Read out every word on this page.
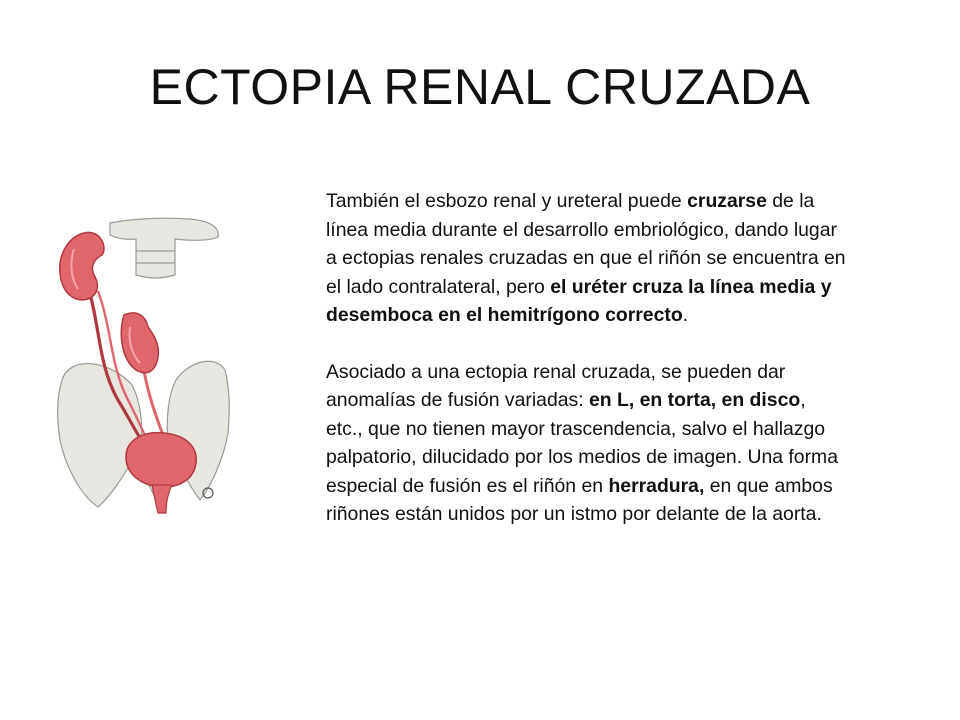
ECTOPIA RENAL CRUZADA

También el esbozo renal y ureteral puede cruzarse de la línea media durante el desarrollo embriológico, dando lugar a ectopias renales cruzadas en que el riñón se encuentra en el lado contralateral, pero el uréter cruza la línea media y desemboca en el hemitrígono correcto.

Asociado a una ectopia renal cruzada, se pueden dar anomalías de fusión variadas: en L, en torta, en disco, etc., que no tienen mayor trascendencia, salvo el hallazgo palpatorio, dilucidado por los medios de imagen. Una forma especial de fusión es el riñón en herradura, en que ambos riñones están unidos por un istmo por delante de la aorta.
